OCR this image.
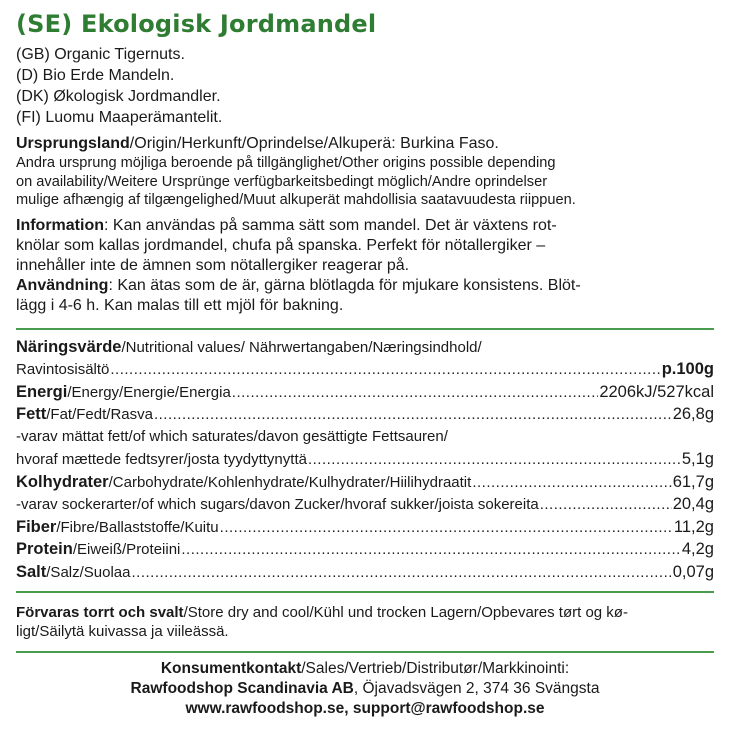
(SE) Ekologisk Jordmandel

(GB) Organic Tigernuts.

(D) Bio Erde Mandeln.

(DK) Økologisk Jordmandler.

(FI) Luomu Maaperämantelit.

Ursprungsland/Origin/Herkunft/Oprindelse/Alkuperä: Burkina Faso.

Andra ursprung möjliga beroende på tillgänglighet/Other origins possible depending

on availability/Weitere Ursprünge verfügbarkeitsbedingt möglich/Andre oprindelser

mulige afhængig af tilgængelighed/Muut alkuperät mahdollisia saatavuudesta riippuen.

Information: Kan användas på samma sätt som mandel. Det är växtens rot-

knölar som kallas jordmandel, chufa på spanska. Perfekt för nötallergiker –

innehåller inte de ämnen som nötallergiker reagerar på.

Användning: Kan ätas som de är, gärna blötlagda för mjukare konsistens. Blöt-

lägg i 4-6 h. Kan malas till ett mjöl för bakning.

Näringsvärde/Nutritional values/ Nährwertangaben/Næringsindhold/
Ravintosisältö .....	p.100g
Energi/Energy/Energie/Energia .....	2206kJ/527kcal
Fett/Fat/Fedt/Rasva .....	26,8g
-varav mättat fett/of which saturates/davon gesättigte Fettsauren/
hvoraf mættede fedtsyrer/josta tyydyttynyttä .....	5,1g
Kolhydrater/Carbohydrate/Kohlenhydrate/Kulhydrater/Hiilihydraatit .....	61,7g
-varav sockerarter/of which sugars/davon Zucker/hvoraf sukker/joista sokereita .....	20,4g
Fiber/Fibre/Ballaststoffe/Kuitu .....	11,2g
Protein/Eiweiß/Proteiini .....	4,2g
Salt/Salz/Suolaa .....	0,07g

Förvaras torrt och svalt/Store dry and cool/Kühl und trocken Lagern/Opbevares tørt og kø-

ligt/Säilytä kuivassa ja viileässä.

Konsumentkontakt/Sales/Vertrieb/Distributør/Markkinointi:
Rawfoodshop Scandinavia AB, Öjavadsvägen 2, 374 36 Svängsta
www.rawfoodshop.se, support@rawfoodshop.se
